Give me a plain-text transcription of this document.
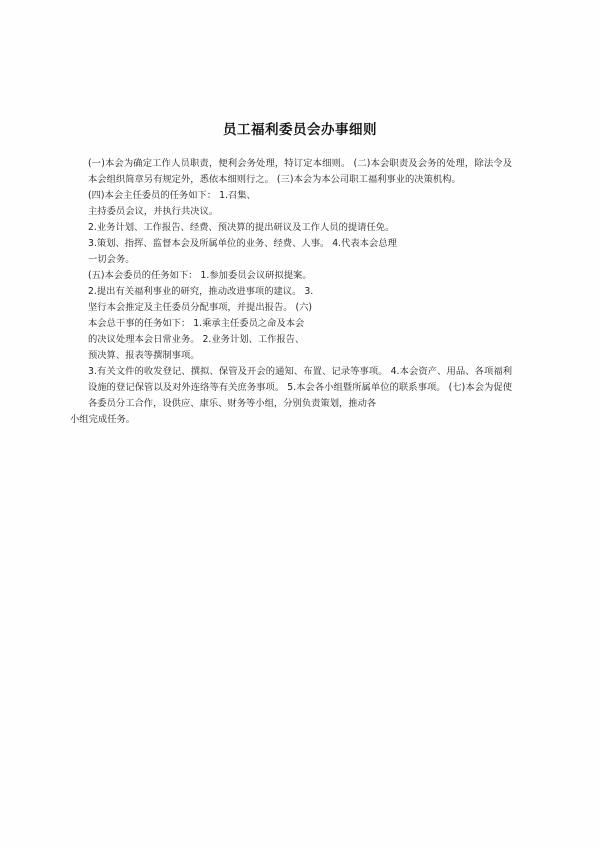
员工福利委员会办事细则

(一)本会为确定工作人员职责，便利会务处理，特订定本细则。 (二)本会职责及会务的处理，除法令及本会组织简章另有规定外，悉依本细则行之。 (三)本会为本公司职工福利事业的决策机构。

(四)本会主任委员的任务如下： 1.召集、

主持委员会议，并执行共决议。

2.业务计划、工作报告、经费、预决算的提出研议及工作人员的提请任免。

3.策划、指挥、监督本会及所属单位的业务、经费、人事。 4.代表本会总理

一切会务。

(五)本会委员的任务如下： 1.参加委员会议研拟提案。

2.提出有关福利事业的研究，推动改进事项的建议。 3.

坚行本会推定及主任委员分配事项，并提出报告。 (六)

本会总干事的任务如下： 1.乘承主任委员之命及本会

的决议处理本会日常业务。 2.业务计划、工作报告、

预决算、报表等撰制事项。

3.有关文件的收发登记、撰拟、保管及开会的通知、布置、记录等事项。 4.本会资产、用品、各项福利设施的登记保管以及对外连络等有关庶务事项。 5.本会各小组暨所属单位的联系事项。 (七)本会为促使各委员分工合作，设供应、康乐、财务等小组，分别负责策划，推动各

小组完成任务。
